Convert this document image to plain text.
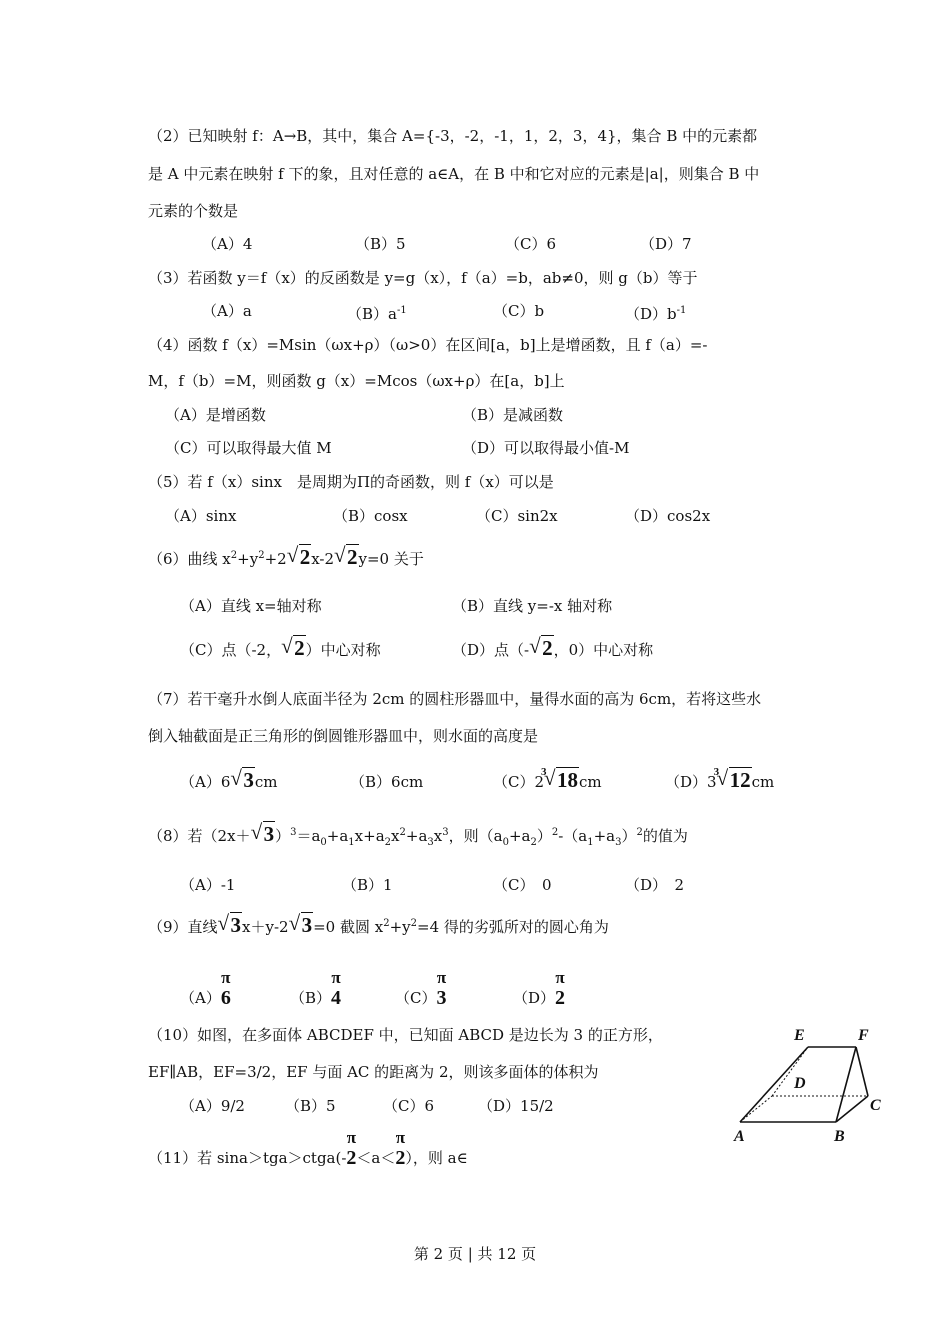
（2）已知映射 f：A→B，其中，集合 A={-3，-2，-1，1，2，3，4}，集合 B 中的元素都
是 A 中元素在映射 f 下的象，且对任意的 a∈A，在 B 中和它对应的元素是|a|，则集合 B 中
元素的个数是
（A）4	（B）5	（C）6	（D）7
（3）若函数 y＝f（x）的反函数是 y=g（x），f（a）=b，ab≠0，则 g（b）等于
（A）a	$(B)a^{-1}$	（C）b	$(D)b^{-1}$
（4）函数 f（x）=Msin（ωx+ρ）（ω>0）在区间[a，b]上是增函数，且 f（a）=-
M，f（b）=M，则函数 g（x）=Mcos（ωx+ρ）在[a，b]上
（A）是增函数	（B）是减函数
（C）可以取得最大值 M	（D）可以取得最小值-M
（5）若 f（x）sinx　是周期为Π的奇函数，则 f（x）可以是
（A）sinx	（B）cosx	（C）sin2x	（D）cos2x
（6）曲线 $x^2+y^2+2√$ 2x-2√ 2y=0 关于
（A）直线 x=轴对称	（B）直线 y=-x 轴对称
（C）点（-2，√ 2）中心对称	（D）点（-√ 2，0）中心对称
（7）若干毫升水倒人底面半径为 2cm 的圆柱形器皿中，量得水面的高为 6cm，若将这些水
倒入轴截面是正三角形的倒圆锥形器皿中，则水面的高度是
（A）6√ 3cm	（B）6cm	（C）2
√ 3 18cm	（D）3
√ 3 12cm
（8）若（2x＋√ $3)^3=a_0+a_1x+a_2x^2+a_3x^3$，则$(a_0+a_2)^2-(a_1+a_3)^2$的值为
（A）-1	（B）1	（C）　0	（D）　2
（9）直线√ 3x＋y-2√ 3=0 截圆 $x^2+y^2=4$ 得的劣弧所对的圆心角为
（A）
π
6	（B）
π
4	（C）
π
3	（D）
π
2
（10）如图，在多面体 ABCDEF 中，已知面 ABCD 是边长为 3 的正方形，
EF∥AB，EF=3/2，EF 与面 AC 的距离为 2，则该多面体的体积为
（A）9/2	（B）5	（C）6	（D）15/2
E	F
D
C
A	B
（11）若 sina＞tga＞ctga(-
π
2 ＜a＜
π
2 ），则 a∈
第 2 页 | 共 12 页
